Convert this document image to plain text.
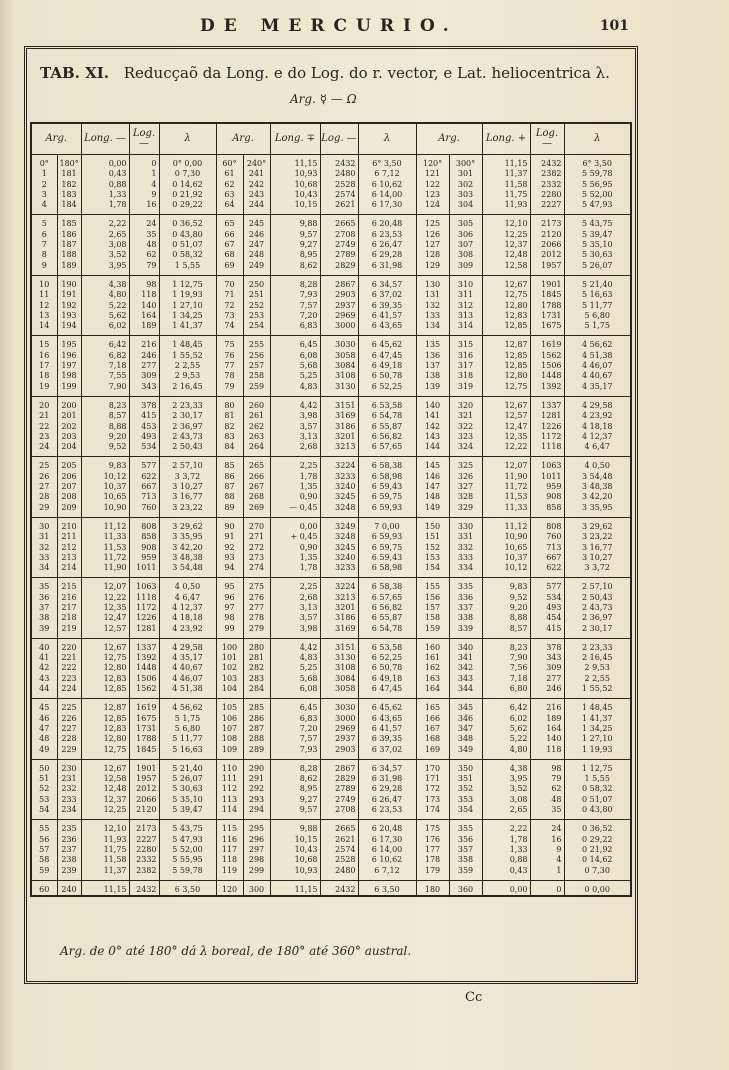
DE MERCURIO.	101
TAB. XI. Reducçaõ da Long. e do Log. do r. vector, e Lat. heliocentrica λ.
Arg. ☿ — Ω
Arg.		Long. —	Log. —	λ	Arg.		Long. ∓	Log. —	λ	Arg.		Long. +	Log. —	λ
0°	180°	0,00	0	0° 0,00	60°	240°	11,15	2432	6° 3,50	120°	300°	11,15	2432	6° 3,50
1	181	0,43	1	0 7,30	61	241	10,93	2480	6 7,12	121	301	11,37	2382	5 59,78
2	182	0,88	4	0 14,62	62	242	10,68	2528	6 10,62	122	302	11,58	2332	5 56,95
3	183	1,33	9	0 21,92	63	243	10,43	2574	6 14,00	123	303	11,75	2280	5 52,00
4	184	1,78	16	0 29,22	64	244	10,15	2621	6 17,30	124	304	11,93	2227	5 47,93
5	185	2,22	24	0 36,52	65	245	9,88	2665	6 20,48	125	305	12,10	2173	5 43,75
6	186	2,65	35	0 43,80	66	246	9,57	2708	6 23,53	126	306	12,25	2120	5 39,47
7	187	3,08	48	0 51,07	67	247	9,27	2749	6 26,47	127	307	12,37	2066	5 35,10
8	188	3,52	62	0 58,32	68	248	8,95	2789	6 29,28	128	308	12,48	2012	5 30,63
9	189	3,95	79	1 5,55	69	249	8,62	2829	6 31,98	129	309	12,58	1957	5 26,07
10	190	4,38	98	1 12,75	70	250	8,28	2867	6 34,57	130	310	12,67	1901	5 21,40
11	191	4,80	118	1 19,93	71	251	7,93	2903	6 37,02	131	311	12,75	1845	5 16,63
12	192	5,22	140	1 27,10	72	252	7,57	2937	6 39,35	132	312	12,80	1788	5 11,77
13	193	5,62	164	1 34,25	73	253	7,20	2969	6 41,57	133	313	12,83	1731	5 6,80
14	194	6,02	189	1 41,37	74	254	6,83	3000	6 43,65	134	314	12,85	1675	5 1,75
15	195	6,42	216	1 48,45	75	255	6,45	3030	6 45,62	135	315	12,87	1619	4 56,62
16	196	6,82	246	1 55,52	76	256	6,08	3058	6 47,45	136	316	12,85	1562	4 51,38
17	197	7,18	277	2 2,55	77	257	5,68	3084	6 49,18	137	317	12,85	1506	4 46,07
18	198	7,55	309	2 9,53	78	258	5,25	3108	6 50,78	138	318	12,80	1448	4 40,67
19	199	7,90	343	2 16,45	79	259	4,83	3130	6 52,25	139	319	12,75	1392	4 35,17
20	200	8,23	378	2 23,33	80	260	4,42	3151	6 53,58	140	320	12,67	1337	4 29,58
21	201	8,57	415	2 30,17	81	261	3,98	3169	6 54,78	141	321	12,57	1281	4 23,92
22	202	8,88	453	2 36,97	82	262	3,57	3186	6 55,87	142	322	12,47	1226	4 18,18
23	203	9,20	493	2 43,73	83	263	3,13	3201	6 56,82	143	323	12,35	1172	4 12,37
24	204	9,52	534	2 50,43	84	264	2,68	3213	6 57,65	144	324	12,22	1118	4 6,47
25	205	9,83	577	2 57,10	85	265	2,25	3224	6 58,38	145	325	12,07	1063	4 0,50
26	206	10,12	622	3 3,72	86	266	1,78	3233	6 58,98	146	326	11,90	1011	3 54,48
27	207	10,37	667	3 10,27	87	267	1,35	3240	6 59,43	147	327	11,72	959	3 48,38
28	208	10,65	713	3 16,77	88	268	0,90	3245	6 59,75	148	328	11,53	908	3 42,20
29	209	10,90	760	3 23,22	89	269	— 0,45	3248	6 59,93	149	329	11,33	858	3 35,95
30	210	11,12	808	3 29,62	90	270	0,00	3249	7 0,00	150	330	11,12	808	3 29,62
31	211	11,33	858	3 35,95	91	271	+ 0,45	3248	6 59,93	151	331	10,90	760	3 23,22
32	212	11,53	908	3 42,20	92	272	0,90	3245	6 59,75	152	332	10,65	713	3 16,77
33	213	11,72	959	3 48,38	93	273	1,35	3240	6 59,43	153	333	10,37	667	3 10,27
34	214	11,90	1011	3 54,48	94	274	1,78	3233	6 58,98	154	334	10,12	622	3 3,72
35	215	12,07	1063	4 0,50	95	275	2,25	3224	6 58,38	155	335	9,83	577	2 57,10
36	216	12,22	1118	4 6,47	96	276	2,68	3213	6 57,65	156	336	9,52	534	2 50,43
37	217	12,35	1172	4 12,37	97	277	3,13	3201	6 56,82	157	337	9,20	493	2 43,73
38	218	12,47	1226	4 18,18	98	278	3,57	3186	6 55,87	158	338	8,88	454	2 36,97
39	219	12,57	1281	4 23,92	99	279	3,98	3169	6 54,78	159	339	8,57	415	2 30,17
40	220	12,67	1337	4 29,58	100	280	4,42	3151	6 53,58	160	340	8,23	378	2 23,33
41	221	12,75	1392	4 35,17	101	281	4,83	3130	6 52,25	161	341	7,90	343	2 16,45
42	222	12,80	1448	4 40,67	102	282	5,25	3108	6 50,78	162	342	7,56	309	2 9,53
43	223	12,83	1506	4 46,07	103	283	5,68	3084	6 49,18	163	343	7,18	277	2 2,55
44	224	12,85	1562	4 51,38	104	284	6,08	3058	6 47,45	164	344	6,80	246	1 55,52
45	225	12,87	1619	4 56,62	105	285	6,45	3030	6 45,62	165	345	6,42	216	1 48,45
46	226	12,85	1675	5 1,75	106	286	6,83	3000	6 43,65	166	346	6,02	189	1 41,37
47	227	12,83	1731	5 6,80	107	287	7,20	2969	6 41,57	167	347	5,62	164	1 34,25
48	228	12,80	1788	5 11,77	108	288	7,57	2937	6 39,35	168	348	5,22	140	1 27,10
49	229	12,75	1845	5 16,63	109	289	7,93	2903	6 37,02	169	349	4,80	118	1 19,93
50	230	12,67	1901	5 21,40	110	290	8,28	2867	6 34,57	170	350	4,38	98	1 12,75
51	231	12,58	1957	5 26,07	111	291	8,62	2829	6 31,98	171	351	3,95	79	1 5,55
52	232	12,48	2012	5 30,63	112	292	8,95	2789	6 29,28	172	352	3,52	62	0 58,32
53	233	12,37	2066	5 35,10	113	293	9,27	2749	6 26,47	173	353	3,08	48	0 51,07
54	234	12,25	2120	5 39,47	114	294	9,57	2708	6 23,53	174	354	2,65	35	0 43,80
55	235	12,10	2173	5 43,75	115	295	9,88	2665	6 20,48	175	355	2,22	24	0 36,52
56	236	11,93	2227	5 47,93	116	296	10,15	2621	6 17,30	176	356	1,78	16	0 29,22
57	237	11,75	2280	5 52,00	117	297	10,43	2574	6 14,00	177	357	1,33	9	0 21,92
58	238	11,58	2332	5 55,95	118	298	10,68	2528	6 10,62	178	358	0,88	4	0 14,62
59	239	11,37	2382	5 59,78	119	299	10,93	2480	6 7,12	179	359	0,43	1	0 7,30
60	240	11,15	2432	6 3,50	120	300	11,15	2432	6 3,50	180	360	0,00	0	0 0,00
Arg. de 0° até 180° dá λ boreal, de 180° até 360° austral.
Cc
